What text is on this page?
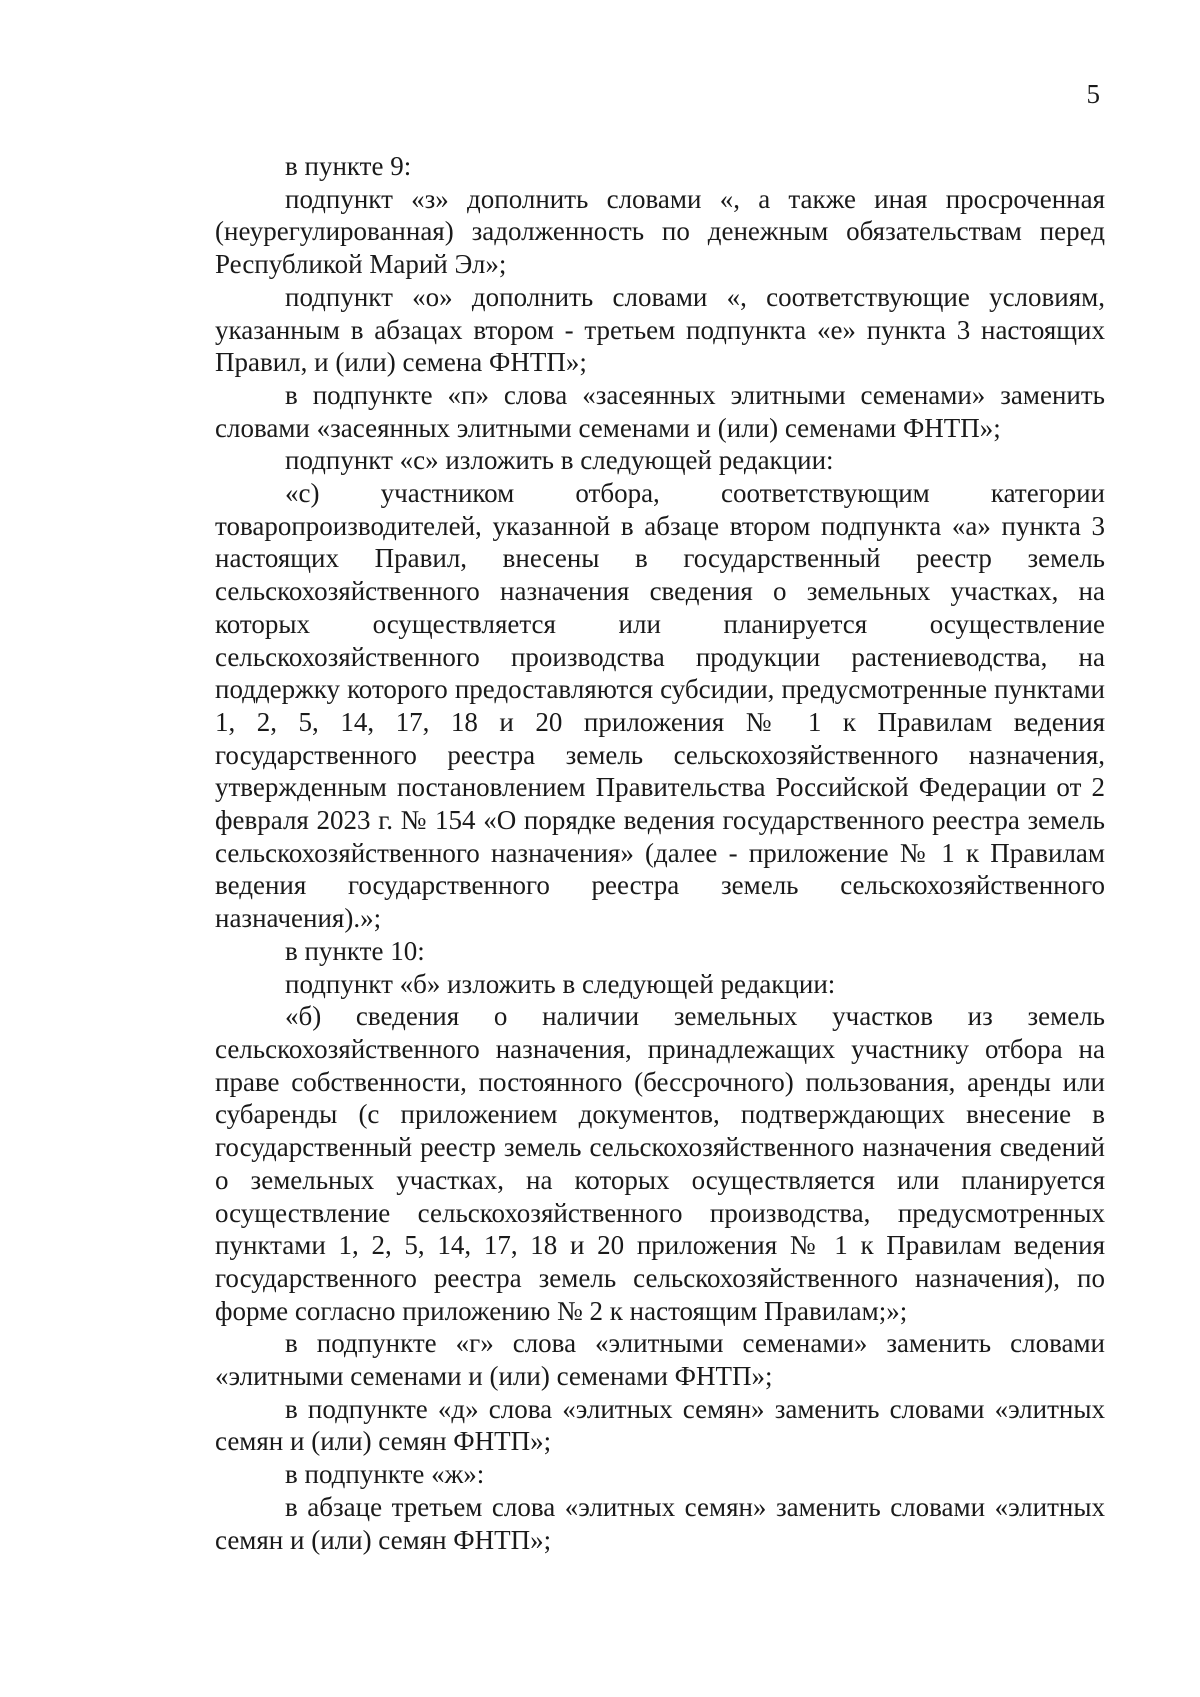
5

в пункте 9:

подпункт «з» дополнить словами «, а также иная просроченная (неурегулированная) задолженность по денежным обязательствам перед Республикой Марий Эл»;

подпункт «о» дополнить словами «, соответствующие условиям, указанным в абзацах втором - третьем подпункта «е» пункта 3 настоящих Правил, и (или) семена ФНТП»;

в подпункте «п» слова «засеянных элитными семенами» заменить словами «засеянных элитными семенами и (или) семенами ФНТП»;

подпункт «с» изложить в следующей редакции:

«с) участником отбора, соответствующим категории товаропроизводителей, указанной в абзаце втором подпункта «а» пункта 3 настоящих Правил, внесены в государственный реестр земель сельскохозяйственного назначения сведения о земельных участках, на которых осуществляется или планируется осуществление сельскохозяйственного производства продукции растениеводства, на поддержку которого предоставляются субсидии, предусмотренные пунктами 1, 2, 5, 14, 17, 18 и 20 приложения № 1 к Правилам ведения государственного реестра земель сельскохозяйственного назначения, утвержденным постановлением Правительства Российской Федерации от 2 февраля 2023 г. № 154 «О порядке ведения государственного реестра земель сельскохозяйственного назначения» (далее - приложение № 1 к Правилам ведения государственного реестра земель сельскохозяйственного назначения).»;

в пункте 10:

подпункт «б» изложить в следующей редакции:

«б) сведения о наличии земельных участков из земель сельскохозяйственного назначения, принадлежащих участнику отбора на праве собственности, постоянного (бессрочного) пользования, аренды или субаренды (с приложением документов, подтверждающих внесение в государственный реестр земель сельскохозяйственного назначения сведений о земельных участках, на которых осуществляется или планируется осуществление сельскохозяйственного производства, предусмотренных пунктами 1, 2, 5, 14, 17, 18 и 20 приложения № 1 к Правилам ведения государственного реестра земель сельскохозяйственного назначения), по форме согласно приложению № 2 к настоящим Правилам;»;

в подпункте «г» слова «элитными семенами» заменить словами «элитными семенами и (или) семенами ФНТП»;

в подпункте «д» слова «элитных семян» заменить словами «элитных семян и (или) семян ФНТП»;

в подпункте «ж»:

в абзаце третьем слова «элитных семян» заменить словами «элитных семян и (или) семян ФНТП»;
